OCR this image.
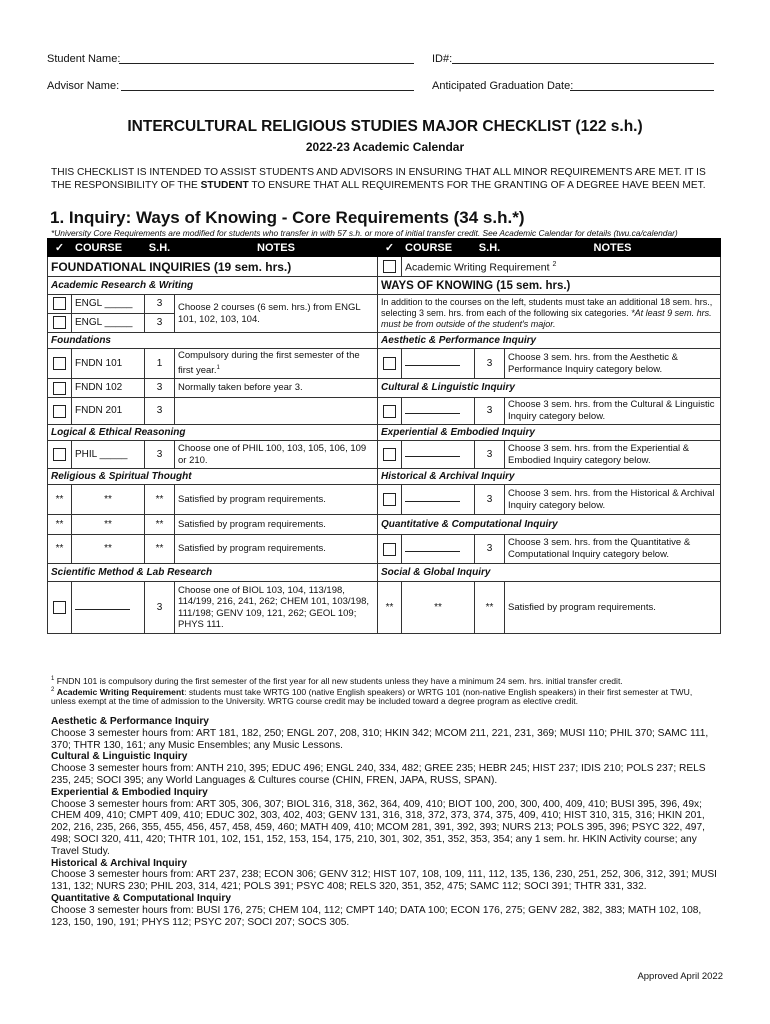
Student Name:	ID#:
Advisor Name:	Anticipated Graduation Date:
INTERCULTURAL RELIGIOUS STUDIES MAJOR CHECKLIST (122 s.h.)
2022-23 Academic Calendar
THIS CHECKLIST IS INTENDED TO ASSIST STUDENTS AND ADVISORS IN ENSURING THAT ALL MINOR REQUIREMENTS ARE MET. IT IS
THE RESPONSIBILITY OF THE STUDENT TO ENSURE THAT ALL REQUIREMENTS FOR THE GRANTING OF A DEGREE HAVE BEEN MET.
1. Inquiry: Ways of Knowing - Core Requirements (34 s.h.*)
*University Core Requirements are modified for students who transfer in with 57 s.h. or more of initial transfer credit. See Academic Calendar for details (twu.ca/calendar)
✓	COURSE	S.H.	NOTES	✓	COURSE	S.H.	NOTES
FOUNDATIONAL INQUIRIES (19 sem. hrs.)					Academic Writing Requirement $^2$
Academic Research & Writing				WAYS OF KNOWING (15 sem. hrs.)			
	ENGL _____	3	Choose 2 courses (6 sem. hrs.) from ENGL 101, 102, 103, 104.	In addition to the courses on the left, students must take an additional 18 sem. hrs., selecting 3 sem. hrs. from each of the following six categories. *At least 9 sem. hrs. must be from outside of the student's major.			
	ENGL _____	3					
Foundations				Aesthetic & Performance Inquiry			
	FNDN 101	1	Compulsory during the first semester of the first year.$^1$			3	Choose 3 sem. hrs. from the Aesthetic & Performance Inquiry category below.
	FNDN 102	3	Normally taken before year 3.	Cultural & Linguistic Inquiry			
	FNDN 201	3				3	Choose 3 sem. hrs. from the Cultural & Linguistic Inquiry category below.
Logical & Ethical Reasoning				Experiential & Embodied Inquiry			
	PHIL _____	3	Choose one of PHIL 100, 103, 105, 106, 109 or 210.			3	Choose 3 sem. hrs. from the Experiential & Embodied Inquiry category below.
Religious & Spiritual Thought				Historical & Archival Inquiry			
**	**	**	Satisfied by program requirements.			3	Choose 3 sem. hrs. from the Historical & Archival Inquiry category below.
**	**	**	Satisfied by program requirements.	Quantitative & Computational Inquiry			
**	**	**	Satisfied by program requirements.			3	Choose 3 sem. hrs. from the Quantitative & Computational Inquiry category below.
Scientific Method & Lab Research				Social & Global Inquiry			
		3	Choose one of BIOL 103, 104, 113/198, 114/199, 216, 241, 262; CHEM 101, 103/198, 111/198; GENV 109, 121, 262; GEOL 109; PHYS 111.	**	**	**	Satisfied by program requirements.
$^1$ FNDN 101 is compulsory during the first semester of the first year for all new students unless they have a minimum 24 sem. hrs. initial transfer credit.
$^2$ Academic Writing Requirement: students must take WRTG 100 (native English speakers) or WRTG 101 (non-native English speakers) in their first semester at TWU,
unless exempt at the time of admission to the University. WRTG course credit may be included toward a degree program as elective credit.
Aesthetic & Performance Inquiry
Choose 3 semester hours from: ART 181, 182, 250; ENGL 207, 208, 310; HKIN 342; MCOM 211, 221, 231, 369; MUSI 110; PHIL 370; SAMC 111, 370; THTR 130, 161; any Music Ensembles; any Music Lessons.
Cultural & Linguistic Inquiry
Choose 3 semester hours from: ANTH 210, 395; EDUC 496; ENGL 240, 334, 482; GREE 235; HEBR 245; HIST 237; IDIS 210; POLS 237; RELS 235, 245; SOCI 395; any World Languages & Cultures course (CHIN, FREN, JAPA, RUSS, SPAN).
Experiential & Embodied Inquiry
Choose 3 semester hours from: ART 305, 306, 307; BIOL 316, 318, 362, 364, 409, 410; BIOT 100, 200, 300, 400, 409, 410; BUSI 395, 396, 49x; CHEM 409, 410; CMPT 409, 410; EDUC 302, 303, 402, 403; GENV 131, 316, 318, 372, 373, 374, 375, 409, 410; HIST 310, 315, 316; HKIN 201, 202, 216, 235, 266, 355, 455, 456, 457, 458, 459, 460; MATH 409, 410; MCOM 281, 391, 392, 393; NURS 213; POLS 395, 396; PSYC 322, 497, 498; SOCI 320, 411, 420; THTR 101, 102, 151, 152, 153, 154, 175, 210, 301, 302, 351, 352, 353, 354; any 1 sem. hr. HKIN Activity course; any Travel Study.
Historical & Archival Inquiry
Choose 3 semester hours from: ART 237, 238; ECON 306; GENV 312; HIST 107, 108, 109, 111, 112, 135, 136, 230, 251, 252, 306, 312, 391; MUSI 131, 132; NURS 230; PHIL 203, 314, 421; POLS 391; PSYC 408; RELS 320, 351, 352, 475; SAMC 112; SOCI 391; THTR 331, 332.
Quantitative & Computational Inquiry
Choose 3 semester hours from: BUSI 176, 275; CHEM 104, 112; CMPT 140; DATA 100; ECON 176, 275; GENV 282, 382, 383; MATH 102, 108, 123, 150, 190, 191; PHYS 112; PSYC 207; SOCI 207; SOCS 305.
Approved April 2022
